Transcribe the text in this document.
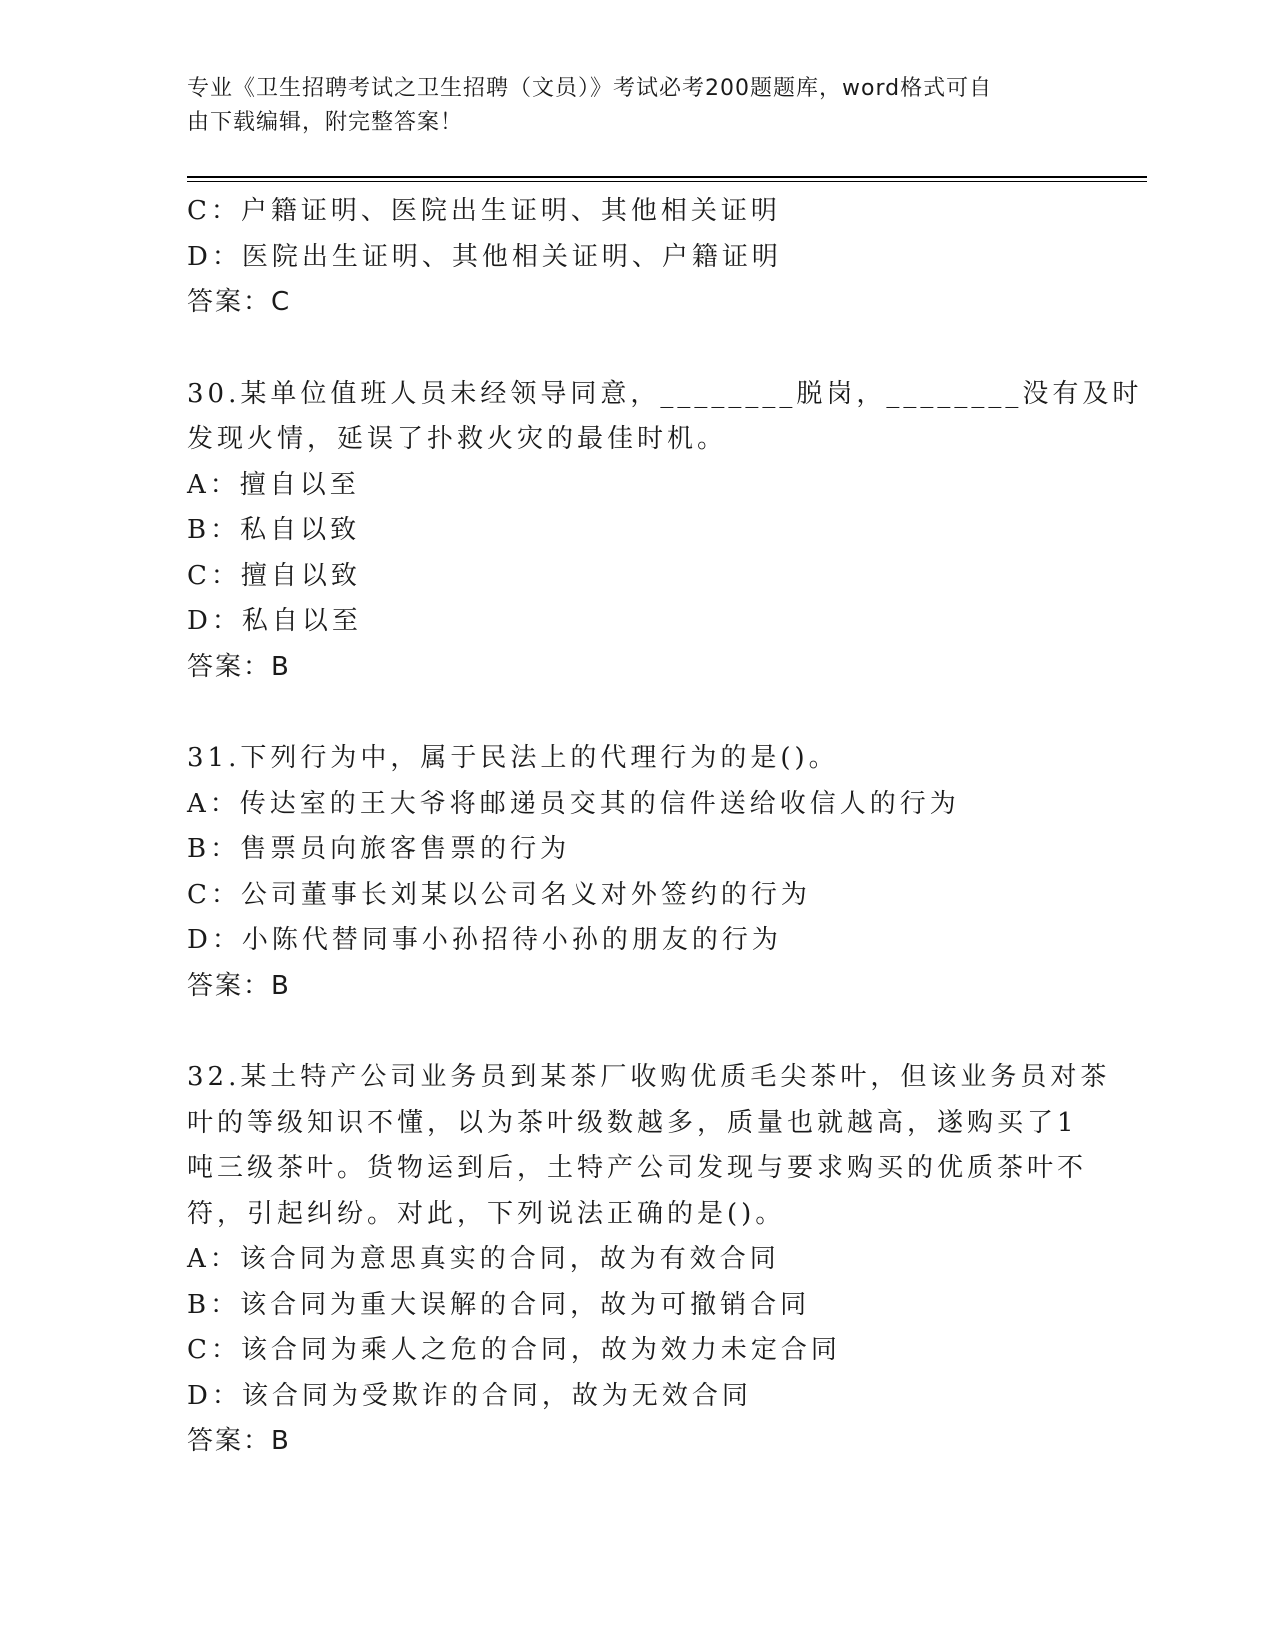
专业《卫生招聘考试之卫生招聘（文员）》考试必考200题题库，word格式可自
由下载编辑，附完整答案！
C：户籍证明、医院出生证明、其他相关证明
D：医院出生证明、其他相关证明、户籍证明
答案：C
30.某单位值班人员未经领导同意，________脱岗，________没有及时
发现火情，延误了扑救火灾的最佳时机。
A：擅自以至
B：私自以致
C：擅自以致
D：私自以至
答案：B
31.下列行为中，属于民法上的代理行为的是()。
A：传达室的王大爷将邮递员交其的信件送给收信人的行为
B：售票员向旅客售票的行为
C：公司董事长刘某以公司名义对外签约的行为
D：小陈代替同事小孙招待小孙的朋友的行为
答案：B
32.某土特产公司业务员到某茶厂收购优质毛尖茶叶，但该业务员对茶
叶的等级知识不懂，以为茶叶级数越多，质量也就越高，遂购买了1
吨三级茶叶。货物运到后，土特产公司发现与要求购买的优质茶叶不
符，引起纠纷。对此，下列说法正确的是()。
A：该合同为意思真实的合同，故为有效合同
B：该合同为重大误解的合同，故为可撤销合同
C：该合同为乘人之危的合同，故为效力未定合同
D：该合同为受欺诈的合同，故为无效合同
答案：B
